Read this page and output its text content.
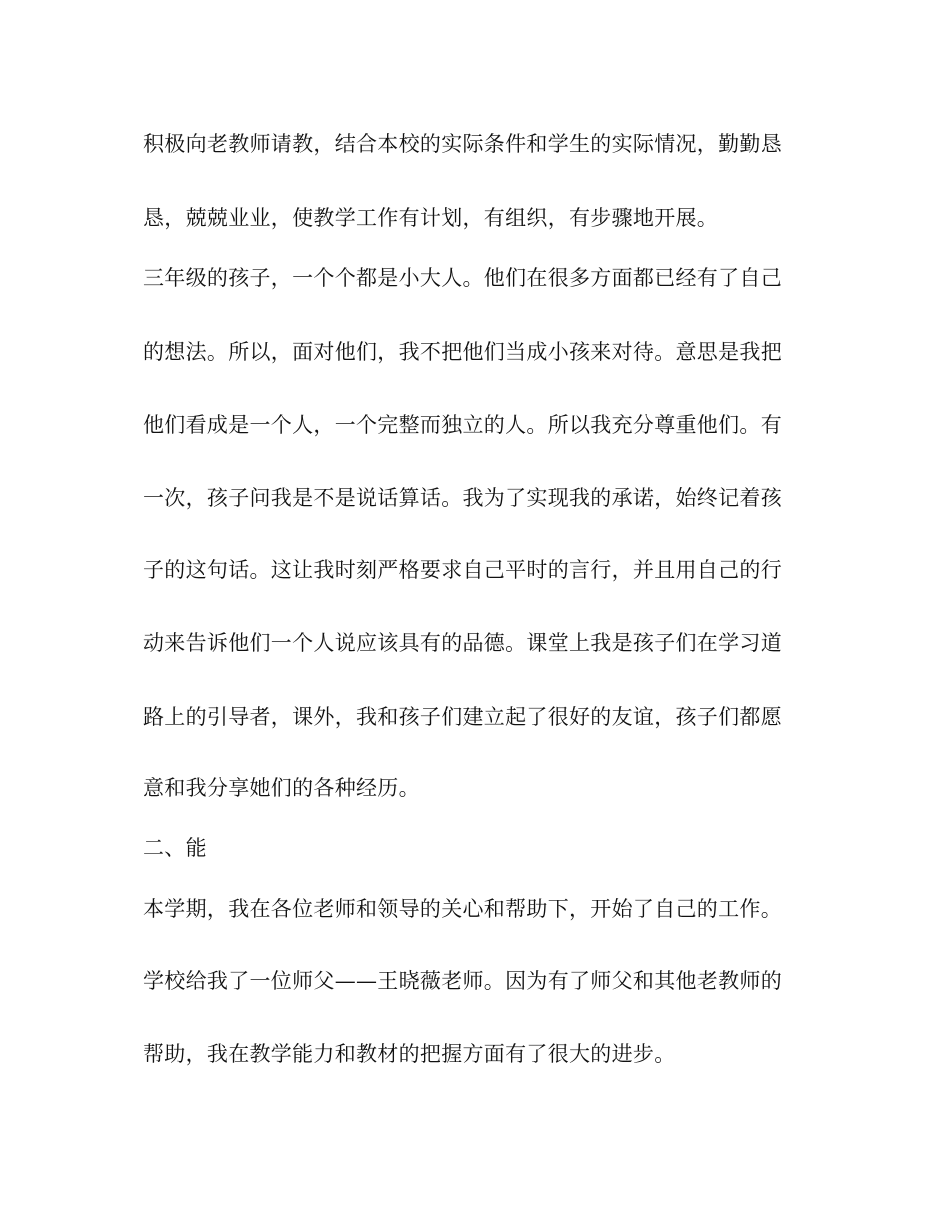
积极向老教师请教，结合本校的实际条件和学生的实际情况，勤勤恳
恳，兢兢业业，使教学工作有计划，有组织，有步骤地开展。
三年级的孩子，一个个都是小大人。他们在很多方面都已经有了自己
的想法。所以，面对他们，我不把他们当成小孩来对待。意思是我把
他们看成是一个人，一个完整而独立的人。所以我充分尊重他们。有
一次，孩子问我是不是说话算话。我为了实现我的承诺，始终记着孩
子的这句话。这让我时刻严格要求自己平时的言行，并且用自己的行
动来告诉他们一个人说应该具有的品德。课堂上我是孩子们在学习道
路上的引导者，课外，我和孩子们建立起了很好的友谊，孩子们都愿
意和我分享她们的各种经历。
二、能
本学期，我在各位老师和领导的关心和帮助下，开始了自己的工作。
学校给我了一位师父——王晓薇老师。因为有了师父和其他老教师的
帮助，我在教学能力和教材的把握方面有了很大的进步。
